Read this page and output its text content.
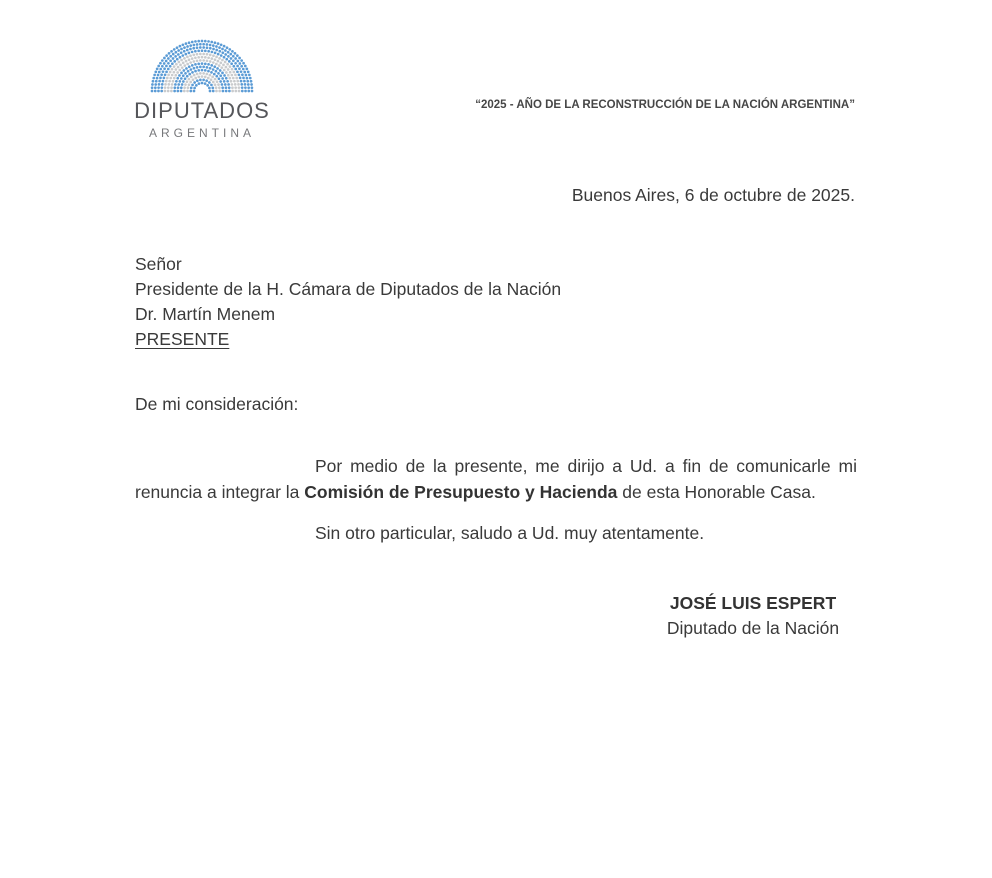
DIPUTADOS
ARGENTINA
“2025 - AÑO DE LA RECONSTRUCCIÓN DE LA NACIÓN ARGENTINA”
Buenos Aires, 6 de octubre de 2025.
Señor
Presidente de la H. Cámara de Diputados de la Nación
Dr. Martín Menem
PRESENTE
De mi consideración:

Por medio de la presente, me dirijo a Ud. a fin de comunicarle mi renuncia a integrar la Comisión de Presupuesto y Hacienda de esta Honorable Casa.

Sin otro particular, saludo a Ud. muy atentamente.

JOSÉ LUIS ESPERT
Diputado de la Nación
